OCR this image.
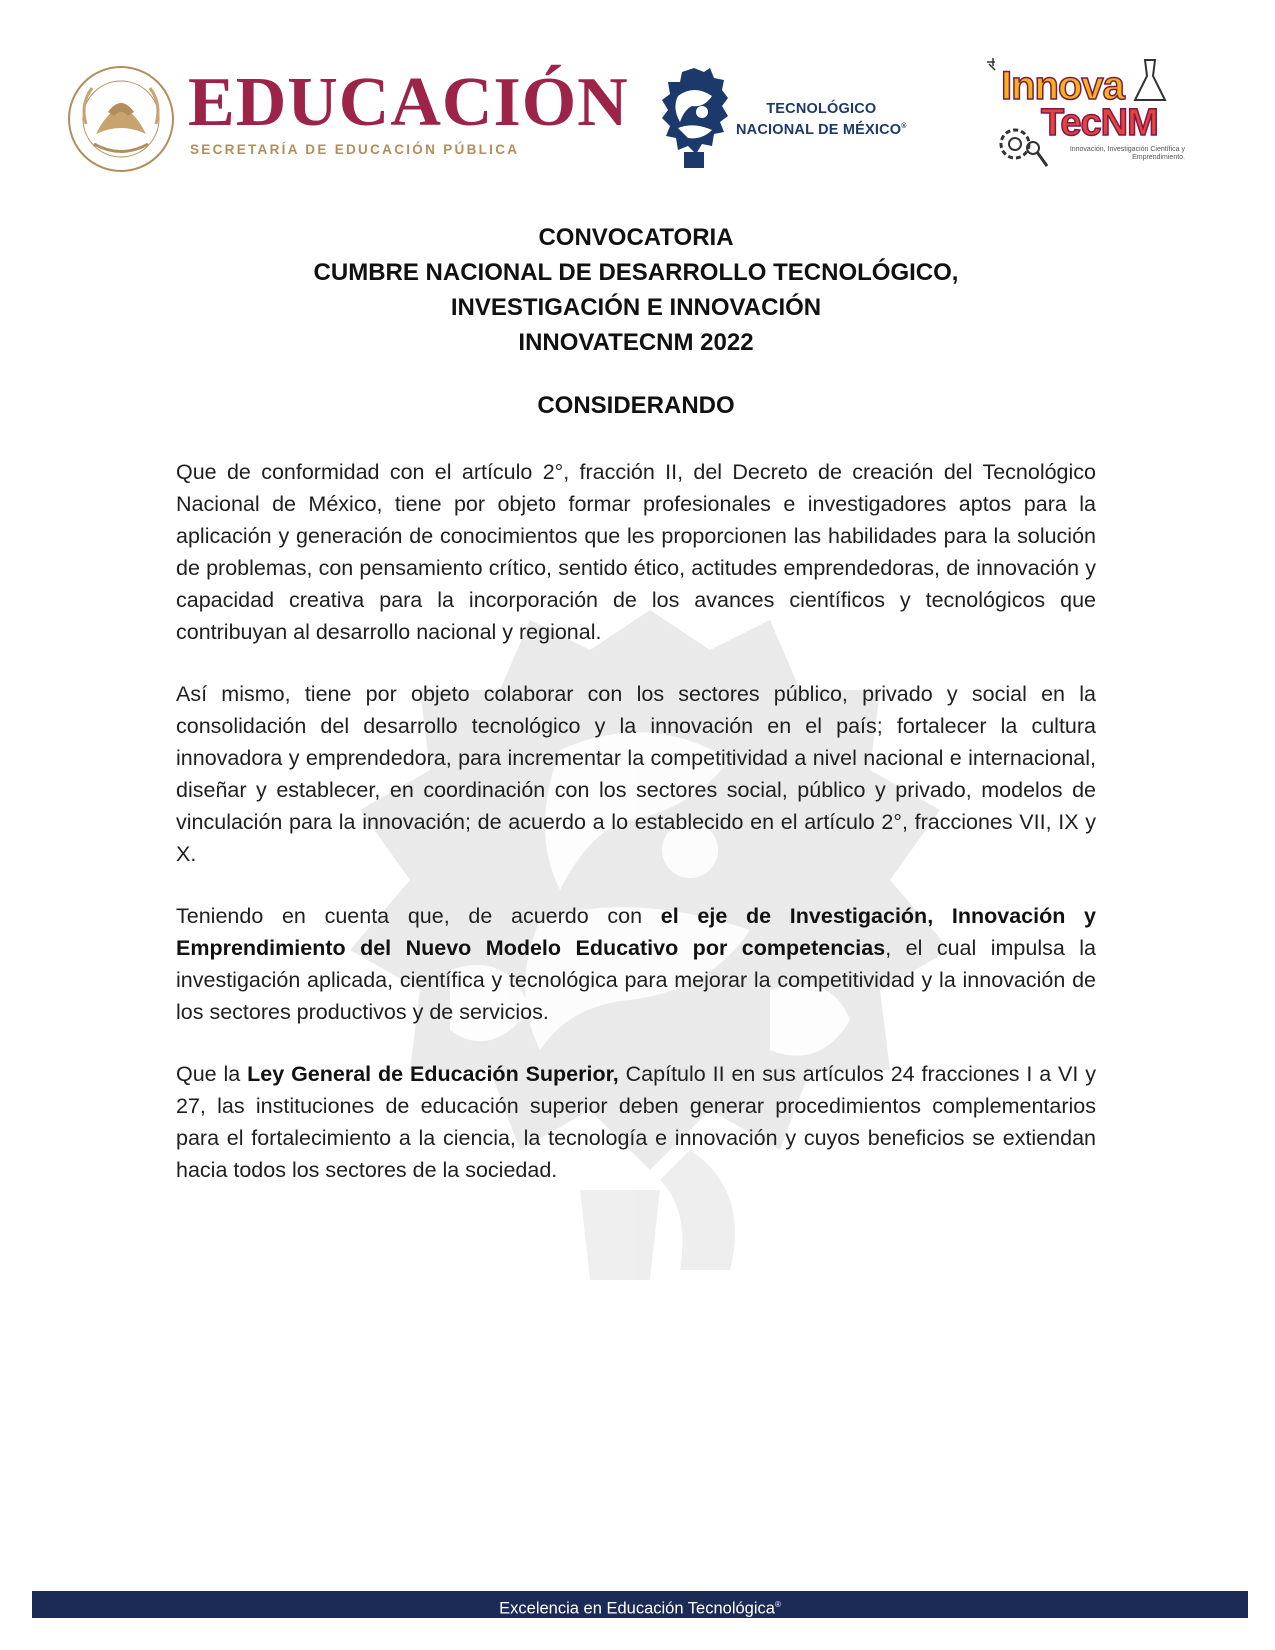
EDUCACIÓN
SECRETARÍA DE EDUCACIÓN PÚBLICA
TECNOLÓGICO
NACIONAL DE MÉXICO®
Innova
TecNM
Innovación, Investigación Científica y Emprendimiento.
CONVOCATORIA
CUMBRE NACIONAL DE DESARROLLO TECNOLÓGICO,
INVESTIGACIÓN E INNOVACIÓN
INNOVATECNM 2022
CONSIDERANDO

Que de conformidad con el artículo 2°, fracción II, del Decreto de creación del Tecnológico Nacional de México, tiene por objeto formar profesionales e investigadores aptos para la aplicación y generación de conocimientos que les proporcionen las habilidades para la solución de problemas, con pensamiento crítico, sentido ético, actitudes emprendedoras, de innovación y capacidad creativa para la incorporación de los avances científicos y tecnológicos que contribuyan al desarrollo nacional y regional.

Así mismo, tiene por objeto colaborar con los sectores público, privado y social en la consolidación del desarrollo tecnológico y la innovación en el país; fortalecer la cultura innovadora y emprendedora, para incrementar la competitividad a nivel nacional e internacional, diseñar y establecer, en coordinación con los sectores social, público y privado, modelos de vinculación para la innovación; de acuerdo a lo establecido en el artículo 2°, fracciones VII, IX y X.

Teniendo en cuenta que, de acuerdo con el eje de Investigación, Innovación y Emprendimiento del Nuevo Modelo Educativo por competencias, el cual impulsa la investigación aplicada, científica y tecnológica para mejorar la competitividad y la innovación de los sectores productivos y de servicios.

Que la Ley General de Educación Superior, Capítulo II en sus artículos 24 fracciones I a VI y 27, las instituciones de educación superior deben generar procedimientos complementarios para el fortalecimiento a la ciencia, la tecnología e innovación y cuyos beneficios se extiendan hacia todos los sectores de la sociedad.

Excelencia en Educación Tecnológica®
